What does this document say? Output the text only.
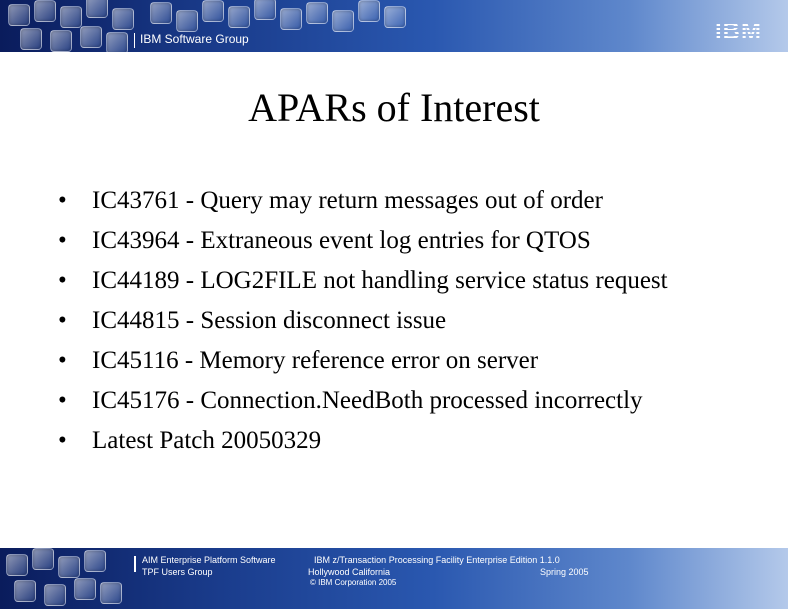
IBM Software Group	IBM
APARs of Interest
• IC43761 - Query may return messages out of order
• IC43964 - Extraneous event log entries for QTOS
• IC44189 - LOG2FILE not handling service status request
• IC44815 - Session disconnect issue
• IC45116 - Memory reference error on server
• IC45176 - Connection.NeedBoth processed incorrectly
• Latest Patch 20050329
AIM Enterprise Platform Software
TPF Users Group
IBM z/Transaction Processing Facility Enterprise Edition 1.1.0
Hollywood California	Spring 2005
© IBM Corporation 2005
